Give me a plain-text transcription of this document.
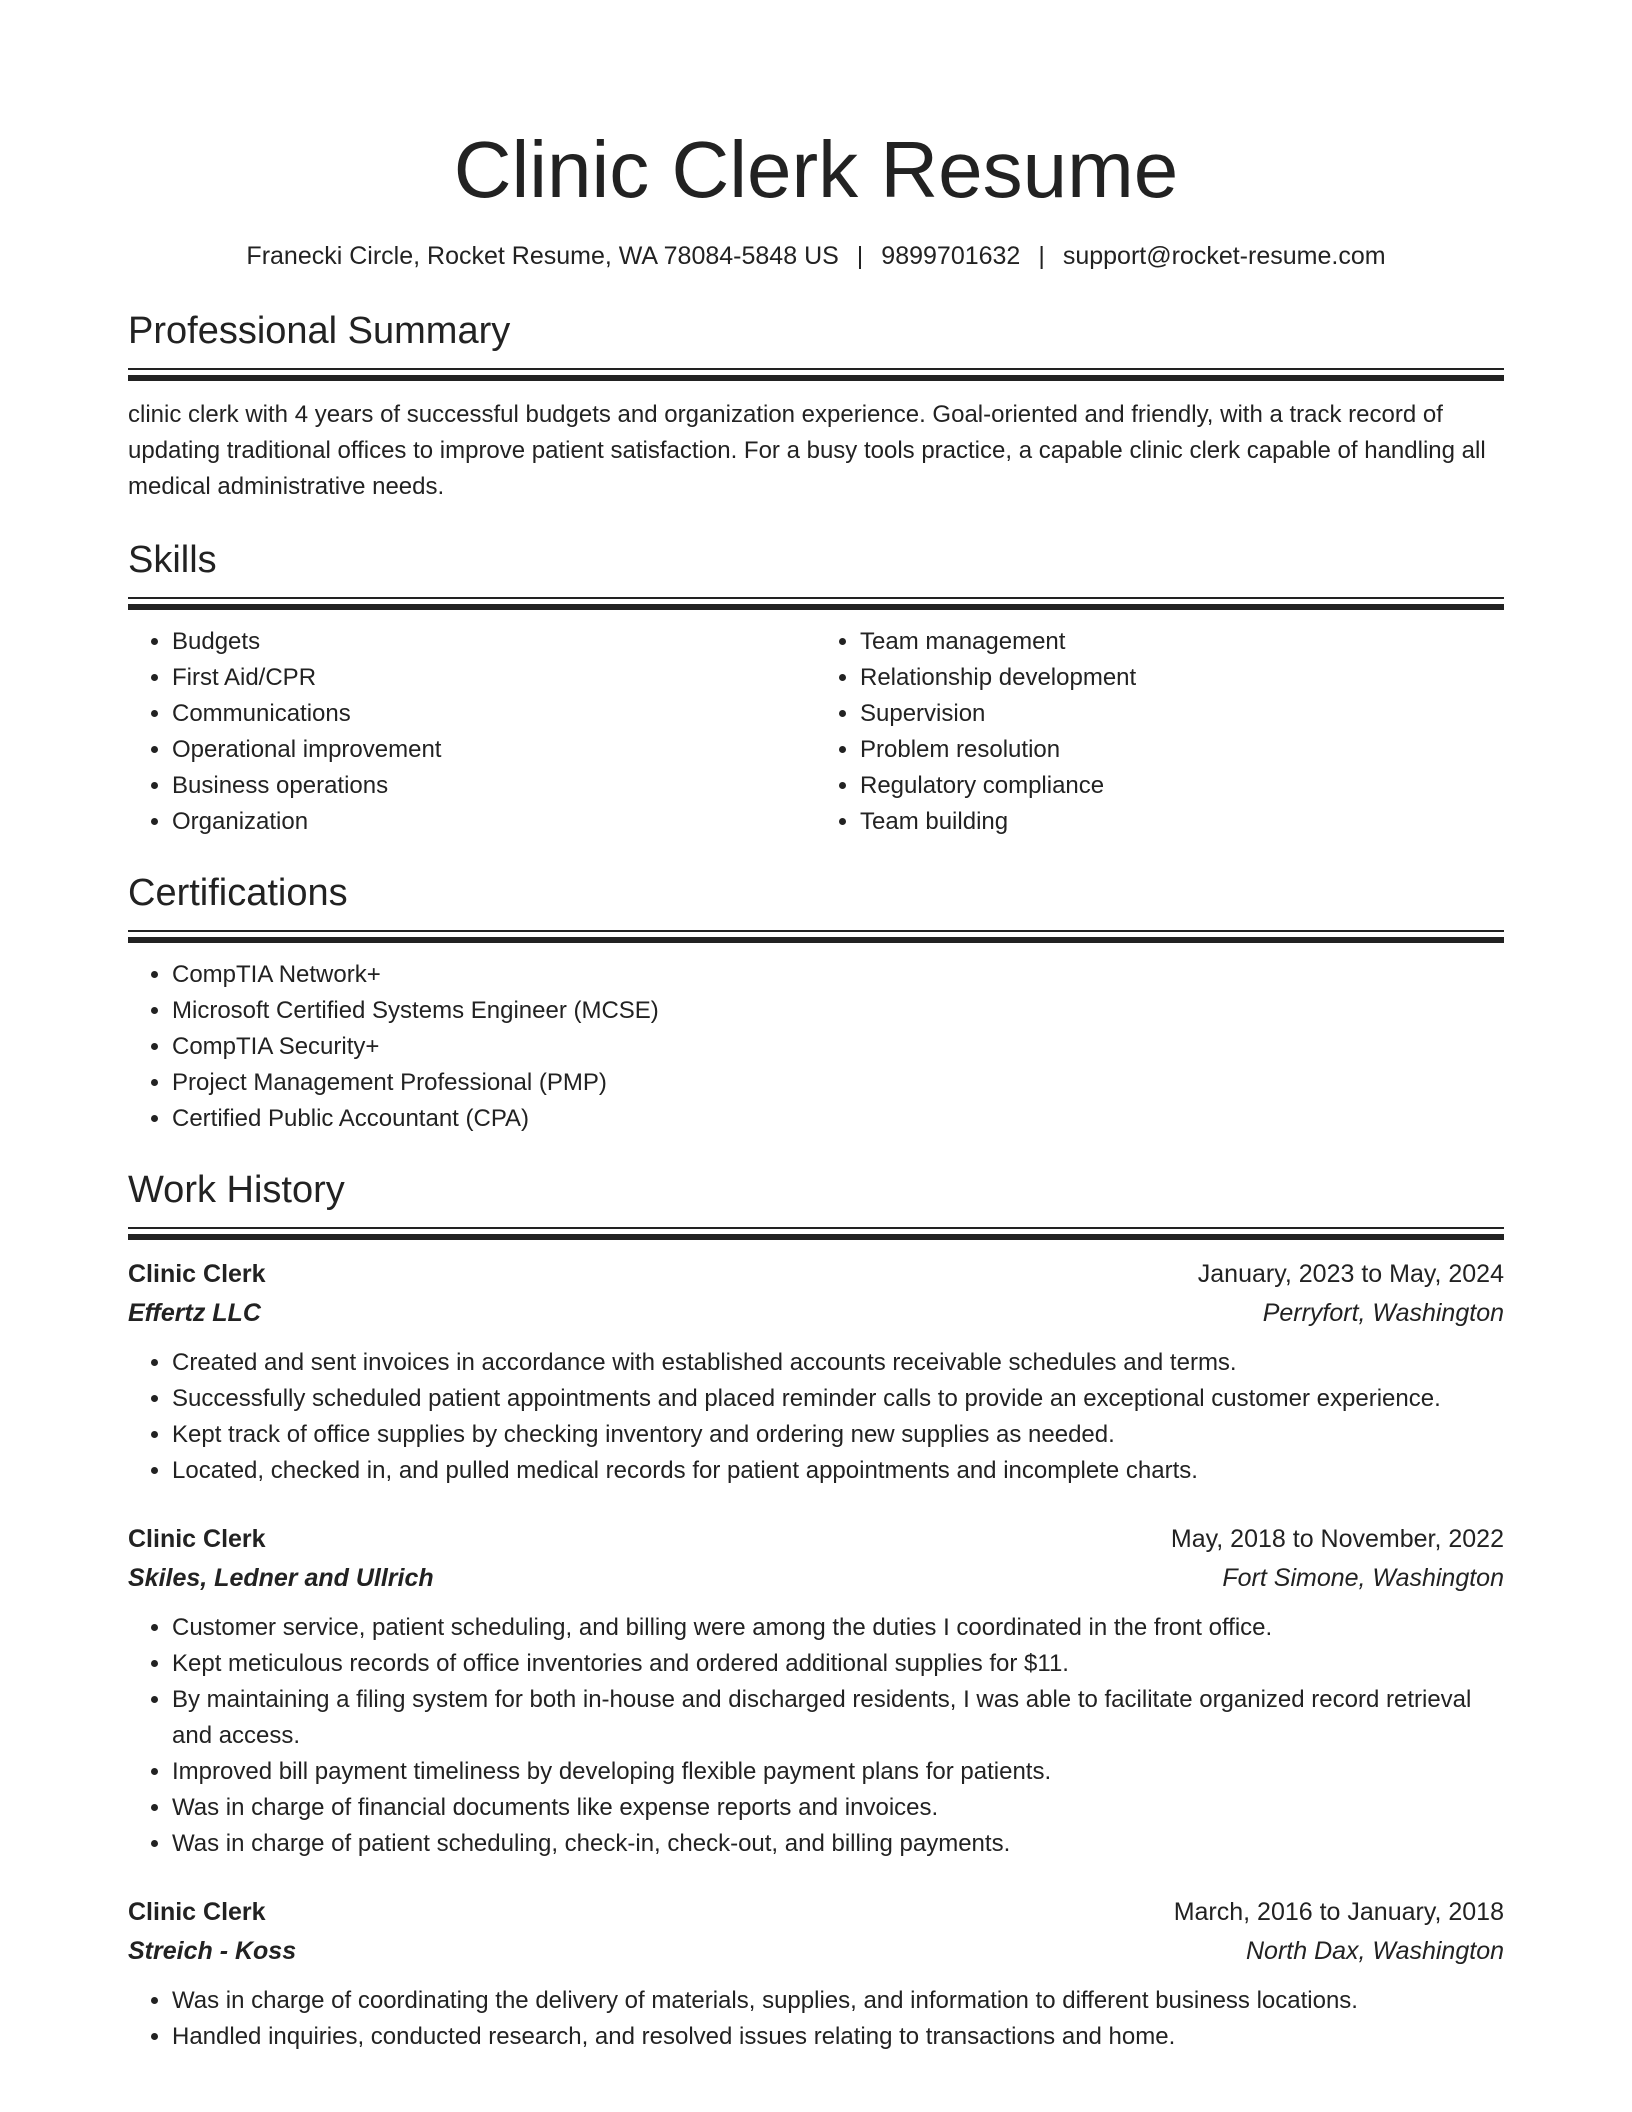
Clinic Clerk Resume
Franecki Circle, Rocket Resume, WA 78084-5848 US | 9899701632 | support@rocket-resume.com
Professional Summary

clinic clerk with 4 years of successful budgets and organization experience. Goal-oriented and friendly, with a track record of updating traditional offices to improve patient satisfaction. For a busy tools practice, a capable clinic clerk capable of handling all medical administrative needs.

Skills
• Budgets
• First Aid/CPR
• Communications
• Operational improvement
• Business operations
• Organization
• Team management
• Relationship development
• Supervision
• Problem resolution
• Regulatory compliance
• Team building
Certifications
• CompTIA Network+
• Microsoft Certified Systems Engineer (MCSE)
• CompTIA Security+
• Project Management Professional (PMP)
• Certified Public Accountant (CPA)
Work History
Clinic Clerk	January, 2023 to May, 2024
Effertz LLC	Perryfort, Washington
• Created and sent invoices in accordance with established accounts receivable schedules and terms.
• Successfully scheduled patient appointments and placed reminder calls to provide an exceptional customer experience.
• Kept track of office supplies by checking inventory and ordering new supplies as needed.
• Located, checked in, and pulled medical records for patient appointments and incomplete charts.
Clinic Clerk	May, 2018 to November, 2022
Skiles, Ledner and Ullrich	Fort Simone, Washington
• Customer service, patient scheduling, and billing were among the duties I coordinated in the front office.
• Kept meticulous records of office inventories and ordered additional supplies for $11.
• By maintaining a filing system for both in-house and discharged residents, I was able to facilitate organized record retrieval and access.
• Improved bill payment timeliness by developing flexible payment plans for patients.
• Was in charge of financial documents like expense reports and invoices.
• Was in charge of patient scheduling, check-in, check-out, and billing payments.
Clinic Clerk	March, 2016 to January, 2018
Streich - Koss	North Dax, Washington
• Was in charge of coordinating the delivery of materials, supplies, and information to different business locations.
• Handled inquiries, conducted research, and resolved issues relating to transactions and home.
